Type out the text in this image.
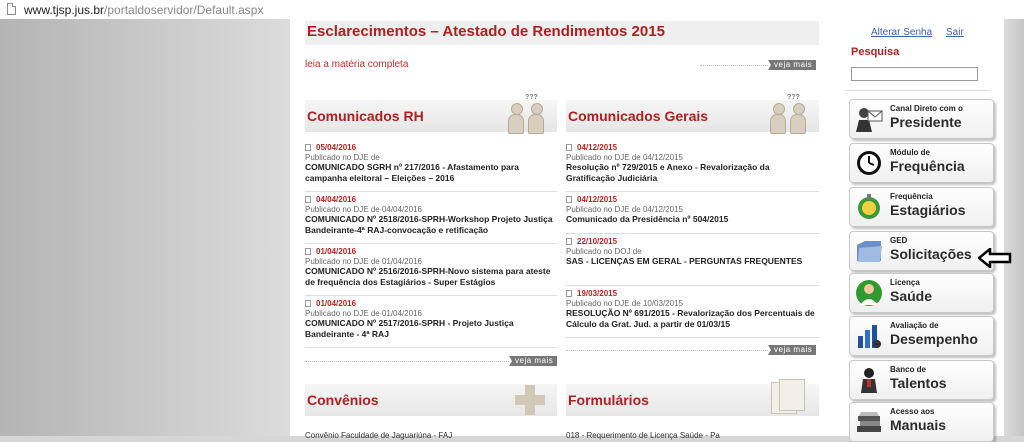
www.tjsp.jus.br/portaldoservidor/Default.aspx
Esclarecimentos – Atestado de Rendimentos 2015
leia a matéria completa	veja mais
Comunicados RH
???
05/04/2016
Publicado no DJE de
COMUNICADO SGRH nº 217/2016 - Afastamento para campanha eleitoral – Eleições – 2016
04/04/2016
Publicado no DJE de 04/04/2016
COMUNICADO Nº 2518/2016-SPRH-Workshop Projeto Justiça Bandeirante-4ª RAJ-convocação e retificação
01/04/2016
Publicado no DJE de 01/04/2016
COMUNICADO Nº 2516/2016-SPRH-Novo sistema para ateste de frequência dos Estagiários - Super Estágios
01/04/2016
Publicado no DJE de 01/04/2016
COMUNICADO Nº 2517/2016-SPRH - Projeto Justiça Bandeirante - 4ª RAJ
veja mais
Comunicados Gerais
???
04/12/2015
Publicado no DJE de 04/12/2015
Resolução nº 729/2015 e Anexo - Revalorização da Gratificação Judiciária
04/12/2015
Publicado no DJE de 04/12/2015
Comunicado da Presidência nº 504/2015
22/10/2015
Publicado no DOJ de
SAS - LICENÇAS EM GERAL - PERGUNTAS FREQUENTES
19/03/2015
Publicado no DJE de 10/03/2015
RESOLUÇÃO Nº 691/2015 - Revalorização dos Percentuais de Cálculo da Grat. Jud. a partir de 01/03/15
veja mais
Convênios
Convênio Faculdade de Jaguariúna - FAJ
Formulários
018 - Requerimento de Licença Saúde - Pa
Alterar Senha Sair
Pesquisa
Canal Direto com o
Presidente
Módulo de
Frequência
Frequência
Estagiários
GED
Solicitações
Licença
Saúde
Avaliação de
Desempenho
Banco de
Talentos
Acesso aos
Manuais
